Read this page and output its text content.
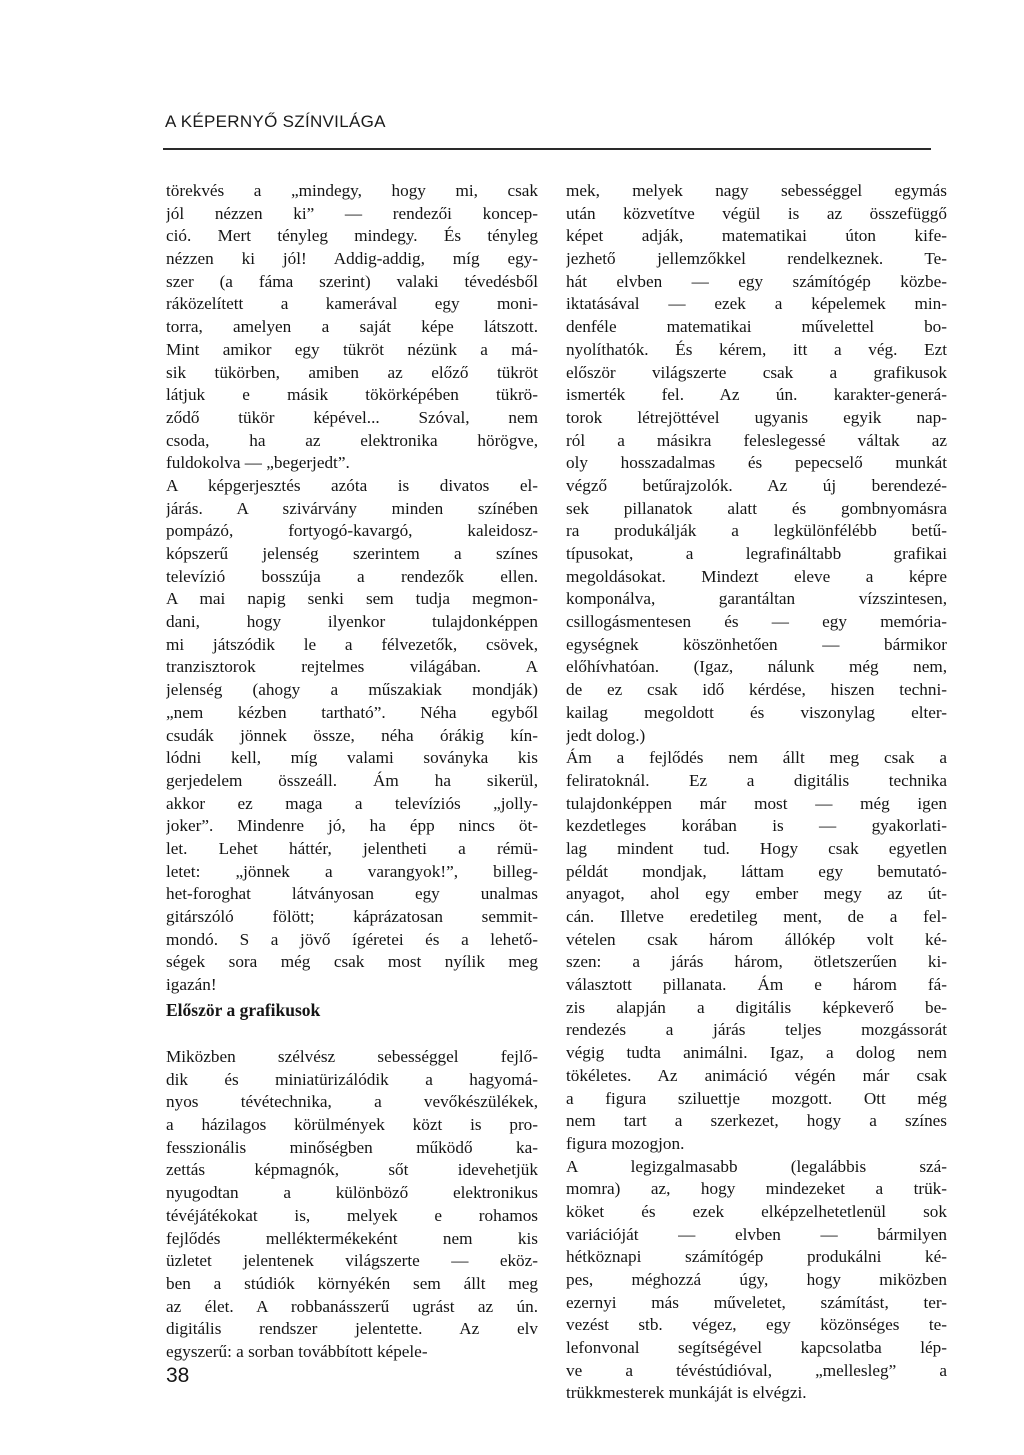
A KÉPERNYŐ SZÍNVILÁGA
törekvés a „mindegy, hogy mi, csak
jól nézzen ki” — rendezői koncep-
ció. Mert tényleg mindegy. És tényleg
nézzen ki jól! Addig-addig, míg egy-
szer (a fáma szerint) valaki tévedésből
ráközelített a kamerával egy moni-
torra, amelyen a saját képe látszott.
Mint amikor egy tükröt nézünk a má-
sik tükörben, amiben az előző tükröt
látjuk e másik tökörképében tükrö-
ződő tükör képével... Szóval, nem
csoda, ha az elektronika hörögve,
fuldokolva — „begerjedt”.
A képgerjesztés azóta is divatos el-
járás. A szivárvány minden színében
pompázó, fortyogó-kavargó, kaleidosz-
kópszerű jelenség szerintem a színes
televízió bosszúja a rendezők ellen.
A mai napig senki sem tudja megmon-
dani, hogy ilyenkor tulajdonképpen
mi játszódik le a félvezetők, csövek,
tranzisztorok rejtelmes világában. A
jelenség (ahogy a műszakiak mondják)
„nem kézben tartható”. Néha egyből
csudák jönnek össze, néha órákig kín-
lódni kell, míg valami soványka kis
gerjedelem összeáll. Ám ha sikerül,
akkor ez maga a televíziós „jolly-
joker”. Mindenre jó, ha épp nincs öt-
let. Lehet háttér, jelentheti a rémü-
letet: „jönnek a varangyok!”, billeg-
het-foroghat látványosan egy unalmas
gitárszóló fölött; káprázatosan semmit-
mondó. S a jövő ígéretei és a lehető-
ségek sora még csak most nyílik meg
igazán!
Először a grafikusok
Miközben szélvész sebességgel fejlő-
dik és miniatürizálódik a hagyomá-
nyos tévétechnika, a vevőkészülékek,
a házilagos körülmények közt is pro-
fesszionális minőségben működő ka-
zettás képmagnók, sőt idevehetjük
nyugodtan a különböző elektronikus
tévéjátékokat is, melyek e rohamos
fejlődés melléktermékeként nem kis
üzletet jelentenek világszerte — eköz-
ben a stúdiók környékén sem állt meg
az élet. A robbanásszerű ugrást az ún.
digitális rendszer jelentette. Az elv
egyszerű: a sorban továbbított képele-
mek, melyek nagy sebességgel egymás
után közvetítve végül is az összefüggő
képet adják, matematikai úton kife-
jezhető jellemzőkkel rendelkeznek. Te-
hát elvben — egy számítógép közbe-
iktatásával — ezek a képelemek min-
denféle matematikai művelettel bo-
nyolíthatók. És kérem, itt a vég. Ezt
először világszerte csak a grafikusok
ismerték fel. Az ún. karakter-generá-
torok létrejöttével ugyanis egyik nap-
ról a másikra feleslegessé váltak az
oly hosszadalmas és pepecselő munkát
végző betűrajzolók. Az új berendezé-
sek pillanatok alatt és gombnyomásra
ra produkálják a legkülönfélébb betű-
típusokat, a legrafináltabb grafikai
megoldásokat. Mindezt eleve a képre
komponálva, garantáltan vízszintesen,
csillogásmentesen és — egy memória-
egységnek köszönhetően — bármikor
előhívhatóan. (Igaz, nálunk még nem,
de ez csak idő kérdése, hiszen techni-
kailag megoldott és viszonylag elter-
jedt dolog.)
Ám a fejlődés nem állt meg csak a
feliratoknál. Ez a digitális technika
tulajdonképpen már most — még igen
kezdetleges korában is — gyakorlati-
lag mindent tud. Hogy csak egyetlen
példát mondjak, láttam egy bemutató-
anyagot, ahol egy ember megy az út-
cán. Illetve eredetileg ment, de a fel-
vételen csak három állókép volt ké-
szen: a járás három, ötletszerűen ki-
választott pillanata. Ám e három fá-
zis alapján a digitális képkeverő be-
rendezés a járás teljes mozgássorát
végig tudta animálni. Igaz, a dolog nem
tökéletes. Az animáció végén már csak
a figura sziluettje mozgott. Ott még
nem tart a szerkezet, hogy a színes
figura mozogjon.
A legizgalmasabb (legalábbis szá-
momra) az, hogy mindezeket a trük-
köket és ezek elképzelhetetlenül sok
variációját — elvben — bármilyen
hétköznapi számítógép produkálni ké-
pes, méghozzá úgy, hogy miközben
ezernyi más műveletet, számítást, ter-
vezést stb. végez, egy közönséges te-
lefonvonal segítségével kapcsolatba lép-
ve a tévéstúdióval, „mellesleg” a
trükkmesterek munkáját is elvégzi.
38
